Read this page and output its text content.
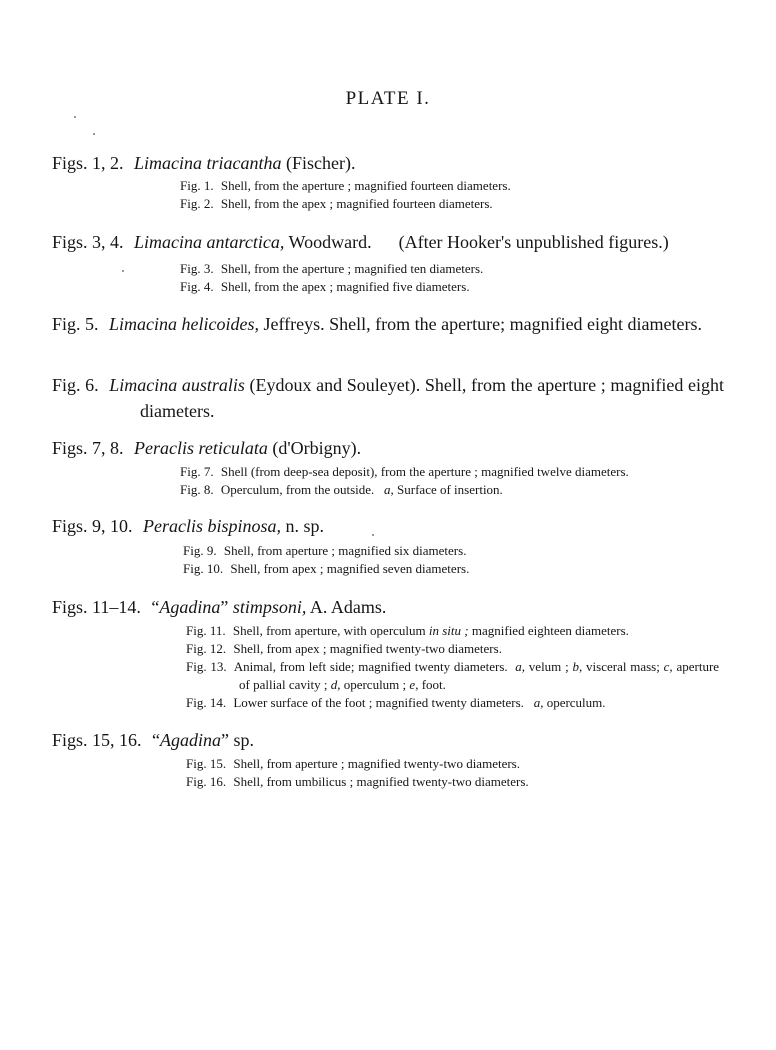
PLATE I.
Figs. 1, 2. Limacina triacantha (Fischer).
Fig. 1. Shell, from the aperture ; magnified fourteen diameters.
Fig. 2. Shell, from the apex ; magnified fourteen diameters.
Figs. 3, 4. Limacina antarctica, Woodward. (After Hooker's unpublished figures.)
Fig. 3. Shell, from the aperture ; magnified ten diameters.
Fig. 4. Shell, from the apex ; magnified five diameters.
Fig. 5. Limacina helicoides, Jeffreys. Shell, from the aperture; magnified eight diameters.
Fig. 6. Limacina australis (Eydoux and Souleyet). Shell, from the aperture ; magnified eight diameters.
Figs. 7, 8. Peraclis reticulata (d'Orbigny).
Fig. 7. Shell (from deep-sea deposit), from the aperture ; magnified twelve diameters.
Fig. 8. Operculum, from the outside. a, Surface of insertion.
Figs. 9, 10. Peraclis bispinosa, n. sp.
Fig. 9. Shell, from aperture ; magnified six diameters.
Fig. 10. Shell, from apex ; magnified seven diameters.
Figs. 11–14. “Agadina” stimpsoni, A. Adams.
Fig. 11. Shell, from aperture, with operculum in situ ; magnified eighteen diameters.
Fig. 12. Shell, from apex ; magnified twenty-two diameters.
Fig. 13. Animal, from left side; magnified twenty diameters. a, velum ; b, visceral mass; c, aperture of pallial cavity ; d, operculum ; e, foot.
Fig. 14. Lower surface of the foot ; magnified twenty diameters. a, operculum.
Figs. 15, 16. “Agadina” sp.
Fig. 15. Shell, from aperture ; magnified twenty-two diameters.
Fig. 16. Shell, from umbilicus ; magnified twenty-two diameters.
